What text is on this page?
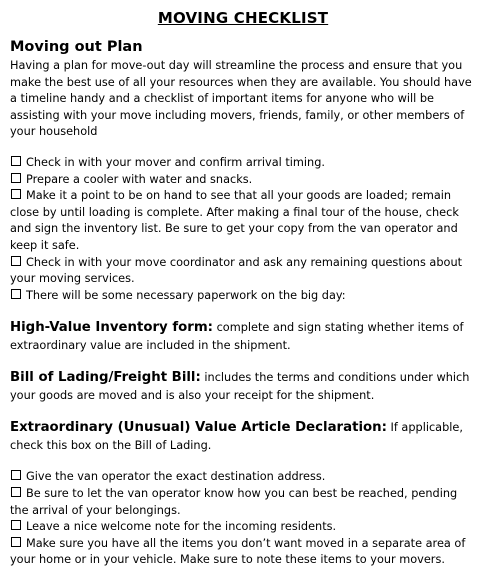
MOVING CHECKLIST
Moving out Plan

Having a plan for move-out day will streamline the process and ensure that you make the best use of all your resources when they are available. You should have a timeline handy and a checklist of important items for anyone who will be assisting with your move including movers, friends, family, or other members of your household

Check in with your mover and confirm arrival timing.
Prepare a cooler with water and snacks.
Make it a point to be on hand to see that all your goods are loaded; remain close by until loading is complete. After making a final tour of the house, check and sign the inventory list. Be sure to get your copy from the van operator and keep it safe.
Check in with your move coordinator and ask any remaining questions about your moving services.
There will be some necessary paperwork on the big day:

High-Value Inventory form: complete and sign stating whether items of extraordinary value are included in the shipment.

Bill of Lading/Freight Bill: includes the terms and conditions under which your goods are moved and is also your receipt for the shipment.

Extraordinary (Unusual) Value Article Declaration: If applicable, check this box on the Bill of Lading.

Give the van operator the exact destination address.
Be sure to let the van operator know how you can best be reached, pending the arrival of your belongings.
Leave a nice welcome note for the incoming residents.
Make sure you have all the items you don’t want moved in a separate area of your home or in your vehicle. Make sure to note these items to your movers.
